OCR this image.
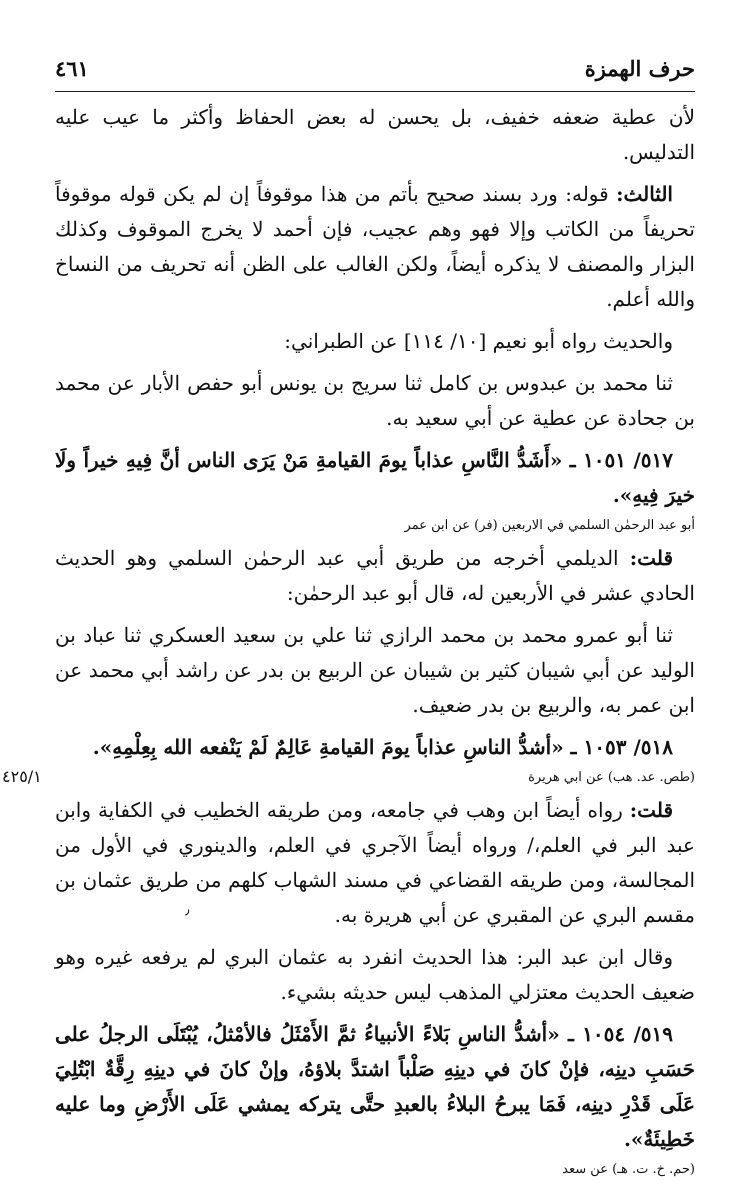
حرف الهمزة
٤٦١
٤٢٥/١
٫

لأن عطية ضعفه خفيف، بل يحسن له بعض الحفاظ وأكثر ما عيب عليه التدليس.

الثالث: قوله: ورد بسند صحيح بأتم من هذا موقوفاً إن لم يكن قوله موقوفاً تحريفاً من الكاتب وإلا فهو وهم عجيب، فإن أحمد لا يخرج الموقوف وكذلك البزار والمصنف لا يذكره أيضاً، ولكن الغالب على الظن أنه تحريف من النساخ والله أعلم.

والحديث رواه أبو نعيم [١٠/ ١١٤] عن الطبراني:

ثنا محمد بن عبدوس بن كامل ثنا سريج بن يونس أبو حفص الأبار عن محمد بن جحادة عن عطية عن أبي سعيد به.

٥١٧/ ١٠٥١ ـ «أَشَدُّ النَّاسِ عذاباً يومَ القيامةِ مَنْ يَرَى الناس أنَّ فِيهِ خيراً ولَا خيرَ فِيهِ».

أبو عبد الرحمٰن السلمي في الاربعين (فر) عن ابن عمر

قلت: الديلمي أخرجه من طريق أبي عبد الرحمٰن السلمي وهو الحديث الحادي عشر في الأربعين له، قال أبو عبد الرحمٰن:

ثنا أبو عمرو محمد بن محمد الرازي ثنا علي بن سعيد العسكري ثنا عباد بن الوليد عن أبي شيبان كثير بن شيبان عن الربيع بن بدر عن راشد أبي محمد عن ابن عمر به، والربيع بن بدر ضعيف.

٥١٨/ ١٠٥٣ ـ «أشدُّ الناسِ عذاباً يومَ القيامةِ عَالِمٌ لَمْ يَنْفعه الله بِعِلْمِهِ».

(طص. عد. هب) عن ابي هريرة

قلت: رواه أيضاً ابن وهب في جامعه، ومن طريقه الخطيب في الكفاية وابن عبد البر في العلم،/ ورواه أيضاً الآجري في العلم، والدينوري في الأول من المجالسة، ومن طريقه القضاعي في مسند الشهاب كلهم من طريق عثمان بن مقسم البري عن المقبري عن أبي هريرة به.

وقال ابن عبد البر: هذا الحديث انفرد به عثمان البري لم يرفعه غيره وهو ضعيف الحديث معتزلي المذهب ليس حديثه بشيء.

٥١٩/ ١٠٥٤ ـ «أشدُّ الناسِ بَلاءً الأنبياءُ ثمَّ الأَمْثَلُ فالأمْثلُ، يُبْتَلَى الرجلُ على حَسَبِ دينِه، فإنْ كانَ في دينِهِ صَلْباً اشتدَّ بلاؤهُ، وإنْ كانَ في دينِهِ رِقَّةٌ ابْتُلِيَ عَلَى قَدْرِ دينِه، فَمَا يبرحُ البلاءُ بالعبدِ حتَّى يتركه يمشي عَلَى الأَرْضِ وما عليه خَطِيئَةٌ».

(حم. خ. ت. هـ) عن سعد
